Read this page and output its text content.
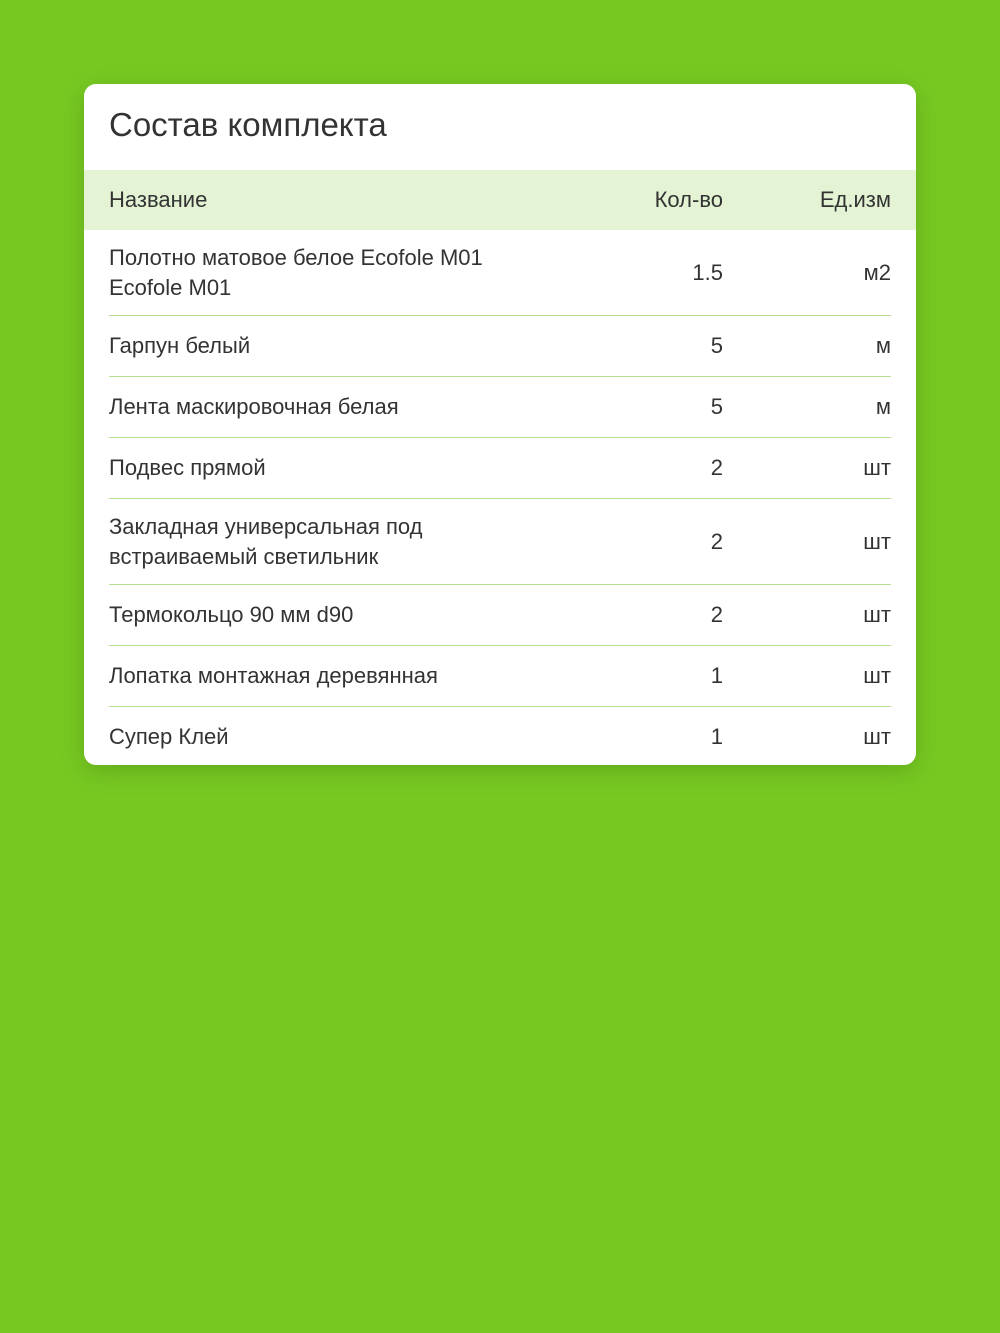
Состав комплекта
Название	Кол-во	Ед.изм
Полотно матовое белое Ecofole M01
Ecofole M01
1.5	м2
Гарпун белый	5	м
Лента маскировочная белая	5	м
Подвес прямой	2	шт
Закладная универсальная под
встраиваемый светильник
2	шт
Термокольцо 90 мм d90	2	шт
Лопатка монтажная деревянная	1	шт
Супер Клей	1	шт
